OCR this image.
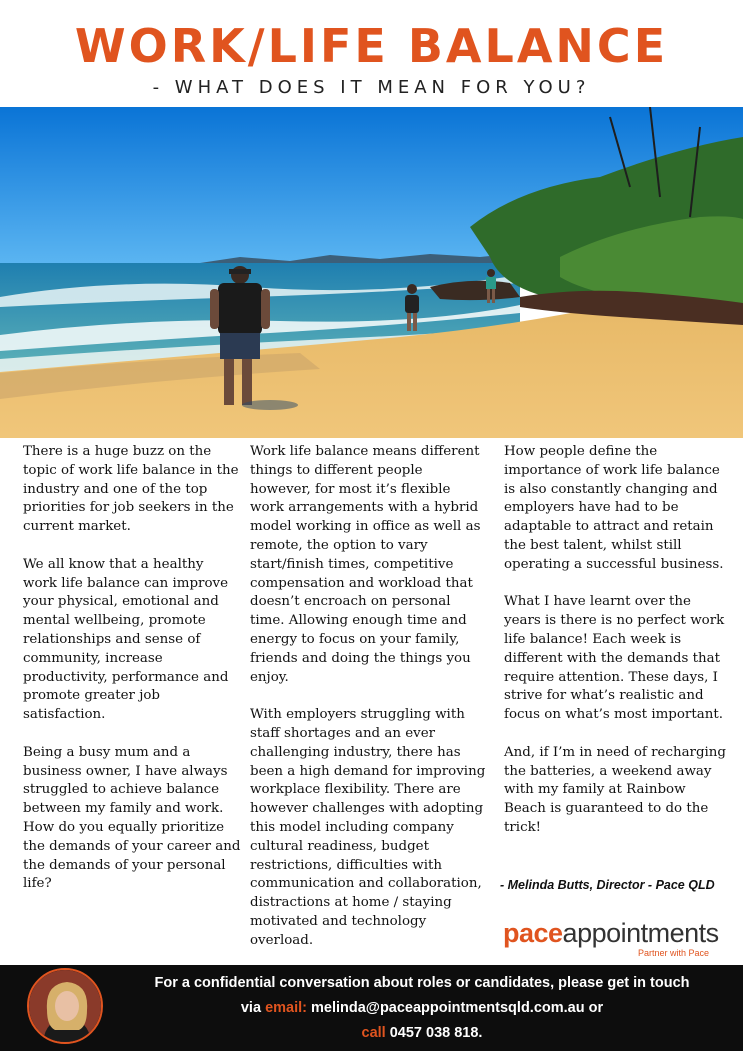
WORK/LIFE BALANCE
- WHAT DOES IT MEAN FOR YOU?

There is a huge buzz on the topic of work life balance in the industry and one of the top priorities for job seekers in the current market.

We all know that a healthy work life balance can improve your physical, emotional and mental wellbeing, promote relationships and sense of community, increase productivity, performance and promote greater job satisfaction.

Being a busy mum and a business owner, I have always struggled to achieve balance between my family and work. How do you equally prioritize the demands of your career and the demands of your personal life?

Work life balance means different things to different people however, for most it’s flexible work arrangements with a hybrid model working in office as well as remote, the option to vary start/finish times, competitive compensation and workload that doesn’t encroach on personal time. Allowing enough time and energy to focus on your family, friends and doing the things you enjoy.

With employers struggling with staff shortages and an ever challenging industry, there has been a high demand for improving workplace flexibility. There are however challenges with adopting this model including company cultural readiness, budget restrictions, difficulties with communication and collaboration, distractions at home / staying motivated and technology overload.

How people define the importance of work life balance is also constantly changing and employers have had to be adaptable to attract and retain the best talent, whilst still operating a successful business.

What I have learnt over the years is there is no perfect work life balance! Each week is different with the demands that require attention. These days, I strive for what’s realistic and focus on what’s most important.

And, if I’m in need of recharging the batteries, a weekend away with my family at Rainbow Beach is guaranteed to do the trick!

- Melinda Butts, Director - Pace QLD
paceappointments
Partner with Pace
For a confidential conversation about roles or candidates, please get in touch
via email: melinda@paceappointmentsqld.com.au or
call 0457 038 818.
